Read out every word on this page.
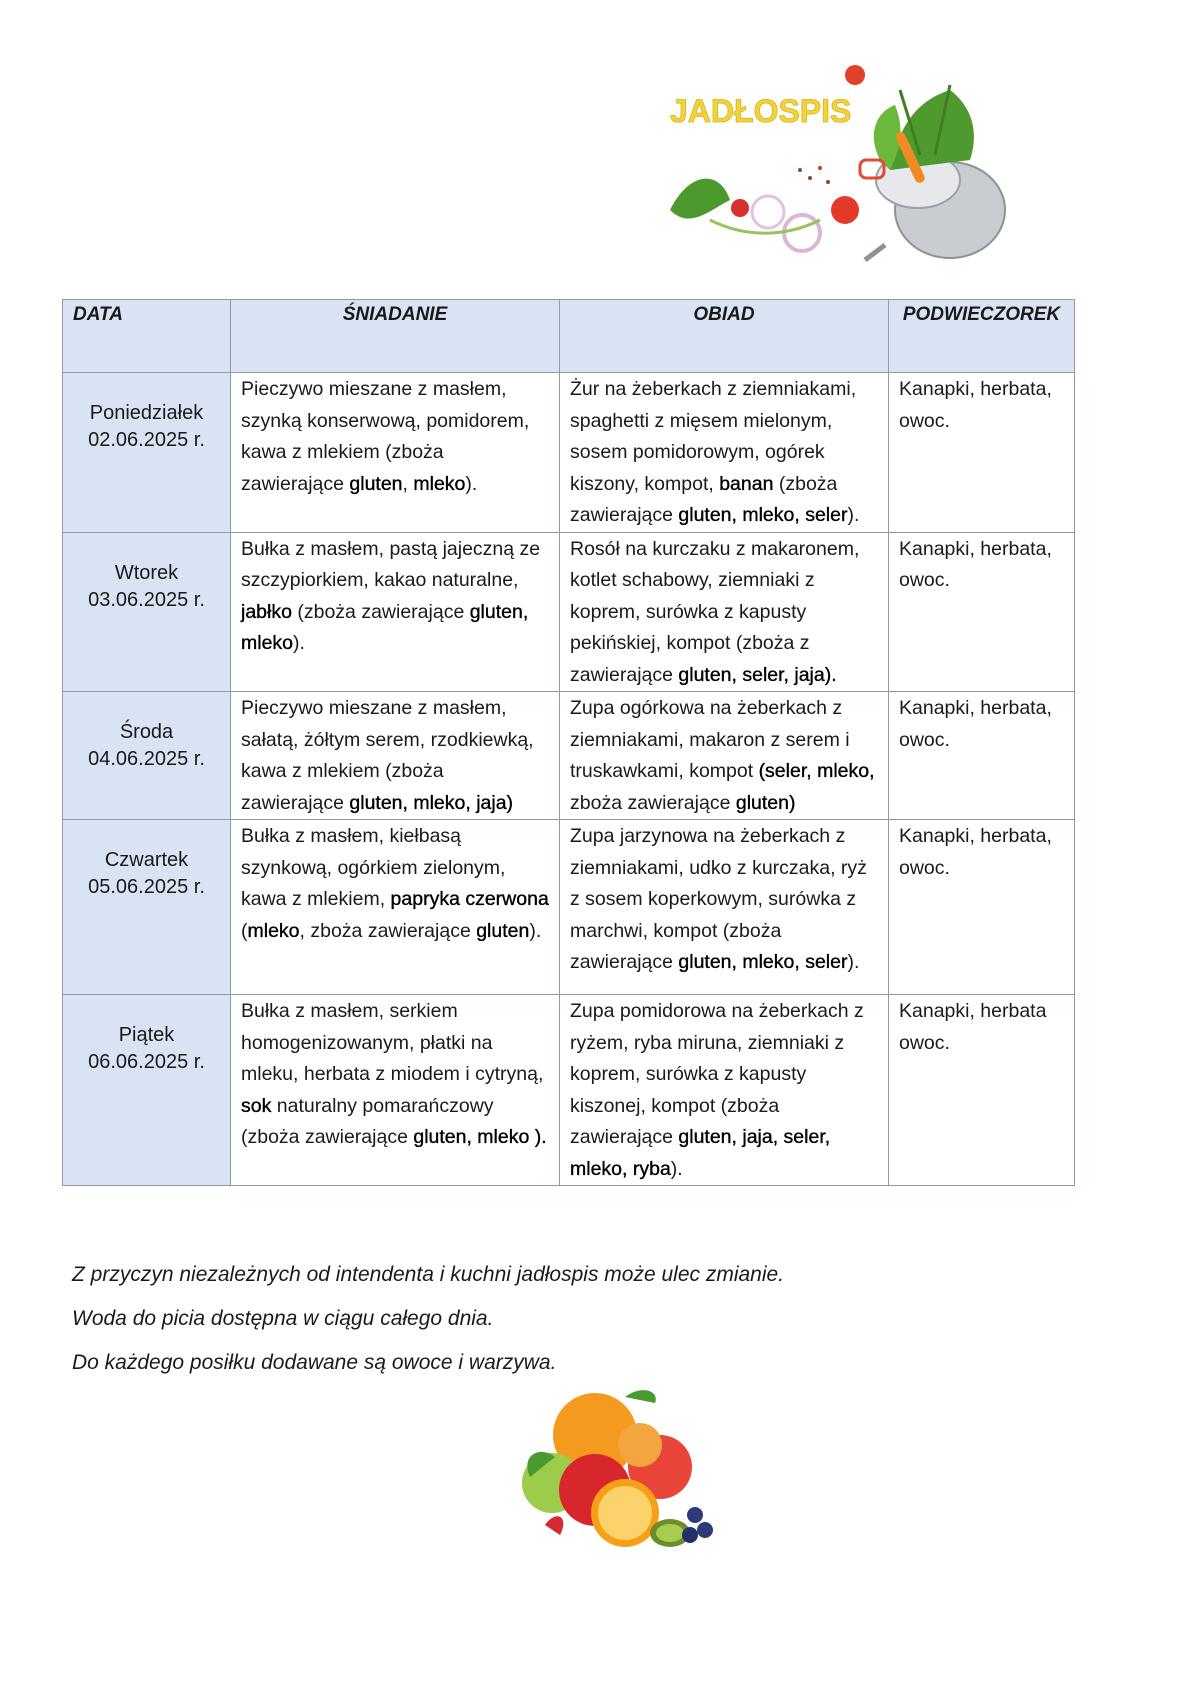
JADŁOSPIS
DATA	ŚNIADANIE	OBIAD	PODWIECZOREK

Poniedziałek
02.06.2025 r.	Pieczywo mieszane z masłem, szynką konserwową, pomidorem, kawa z mlekiem (zboża zawierające gluten, mleko).	Żur na żeberkach z ziemniakami, spaghetti z mięsem mielonym, sosem pomidorowym, ogórek kiszony, kompot, banan (zboża zawierające gluten, mleko, seler).	Kanapki, herbata, owoc.

Wtorek
03.06.2025 r.	Bułka z masłem, pastą jajeczną ze szczypiorkiem, kakao naturalne, jabłko (zboża zawierające gluten, mleko).	Rosół na kurczaku z makaronem, kotlet schabowy, ziemniaki z koprem, surówka z kapusty pekińskiej, kompot (zboża z zawierające gluten, seler, jaja).	Kanapki, herbata, owoc.

Środa
04.06.2025 r.	Pieczywo mieszane z masłem, sałatą, żółtym serem, rzodkiewką, kawa z mlekiem (zboża zawierające gluten, mleko, jaja)	Zupa ogórkowa na żeberkach z ziemniakami, makaron z serem i truskawkami, kompot (seler, mleko, zboża zawierające gluten)	Kanapki, herbata, owoc.

Czwartek
05.06.2025 r.	Bułka z masłem, kiełbasą szynkową, ogórkiem zielonym, kawa z mlekiem, papryka czerwona (mleko, zboża zawierające gluten).	Zupa jarzynowa na żeberkach z ziemniakami, udko z kurczaka, ryż z sosem koperkowym, surówka z marchwi, kompot (zboża zawierające gluten, mleko, seler).	Kanapki, herbata, owoc.

Piątek
06.06.2025 r.	Bułka z masłem, serkiem homogenizowanym, płatki na mleku, herbata z miodem i cytryną, sok naturalny pomarańczowy (zboża zawierające gluten, mleko ).	Zupa pomidorowa na żeberkach z ryżem, ryba miruna, ziemniaki z koprem, surówka z kapusty kiszonej, kompot (zboża zawierające gluten, jaja, seler, mleko, ryba).	Kanapki, herbata owoc.

Z przyczyn niezależnych od intendenta i kuchni jadłospis może ulec zmianie.

Woda do picia dostępna w ciągu całego dnia.

Do każdego posiłku dodawane są owoce i warzywa.
